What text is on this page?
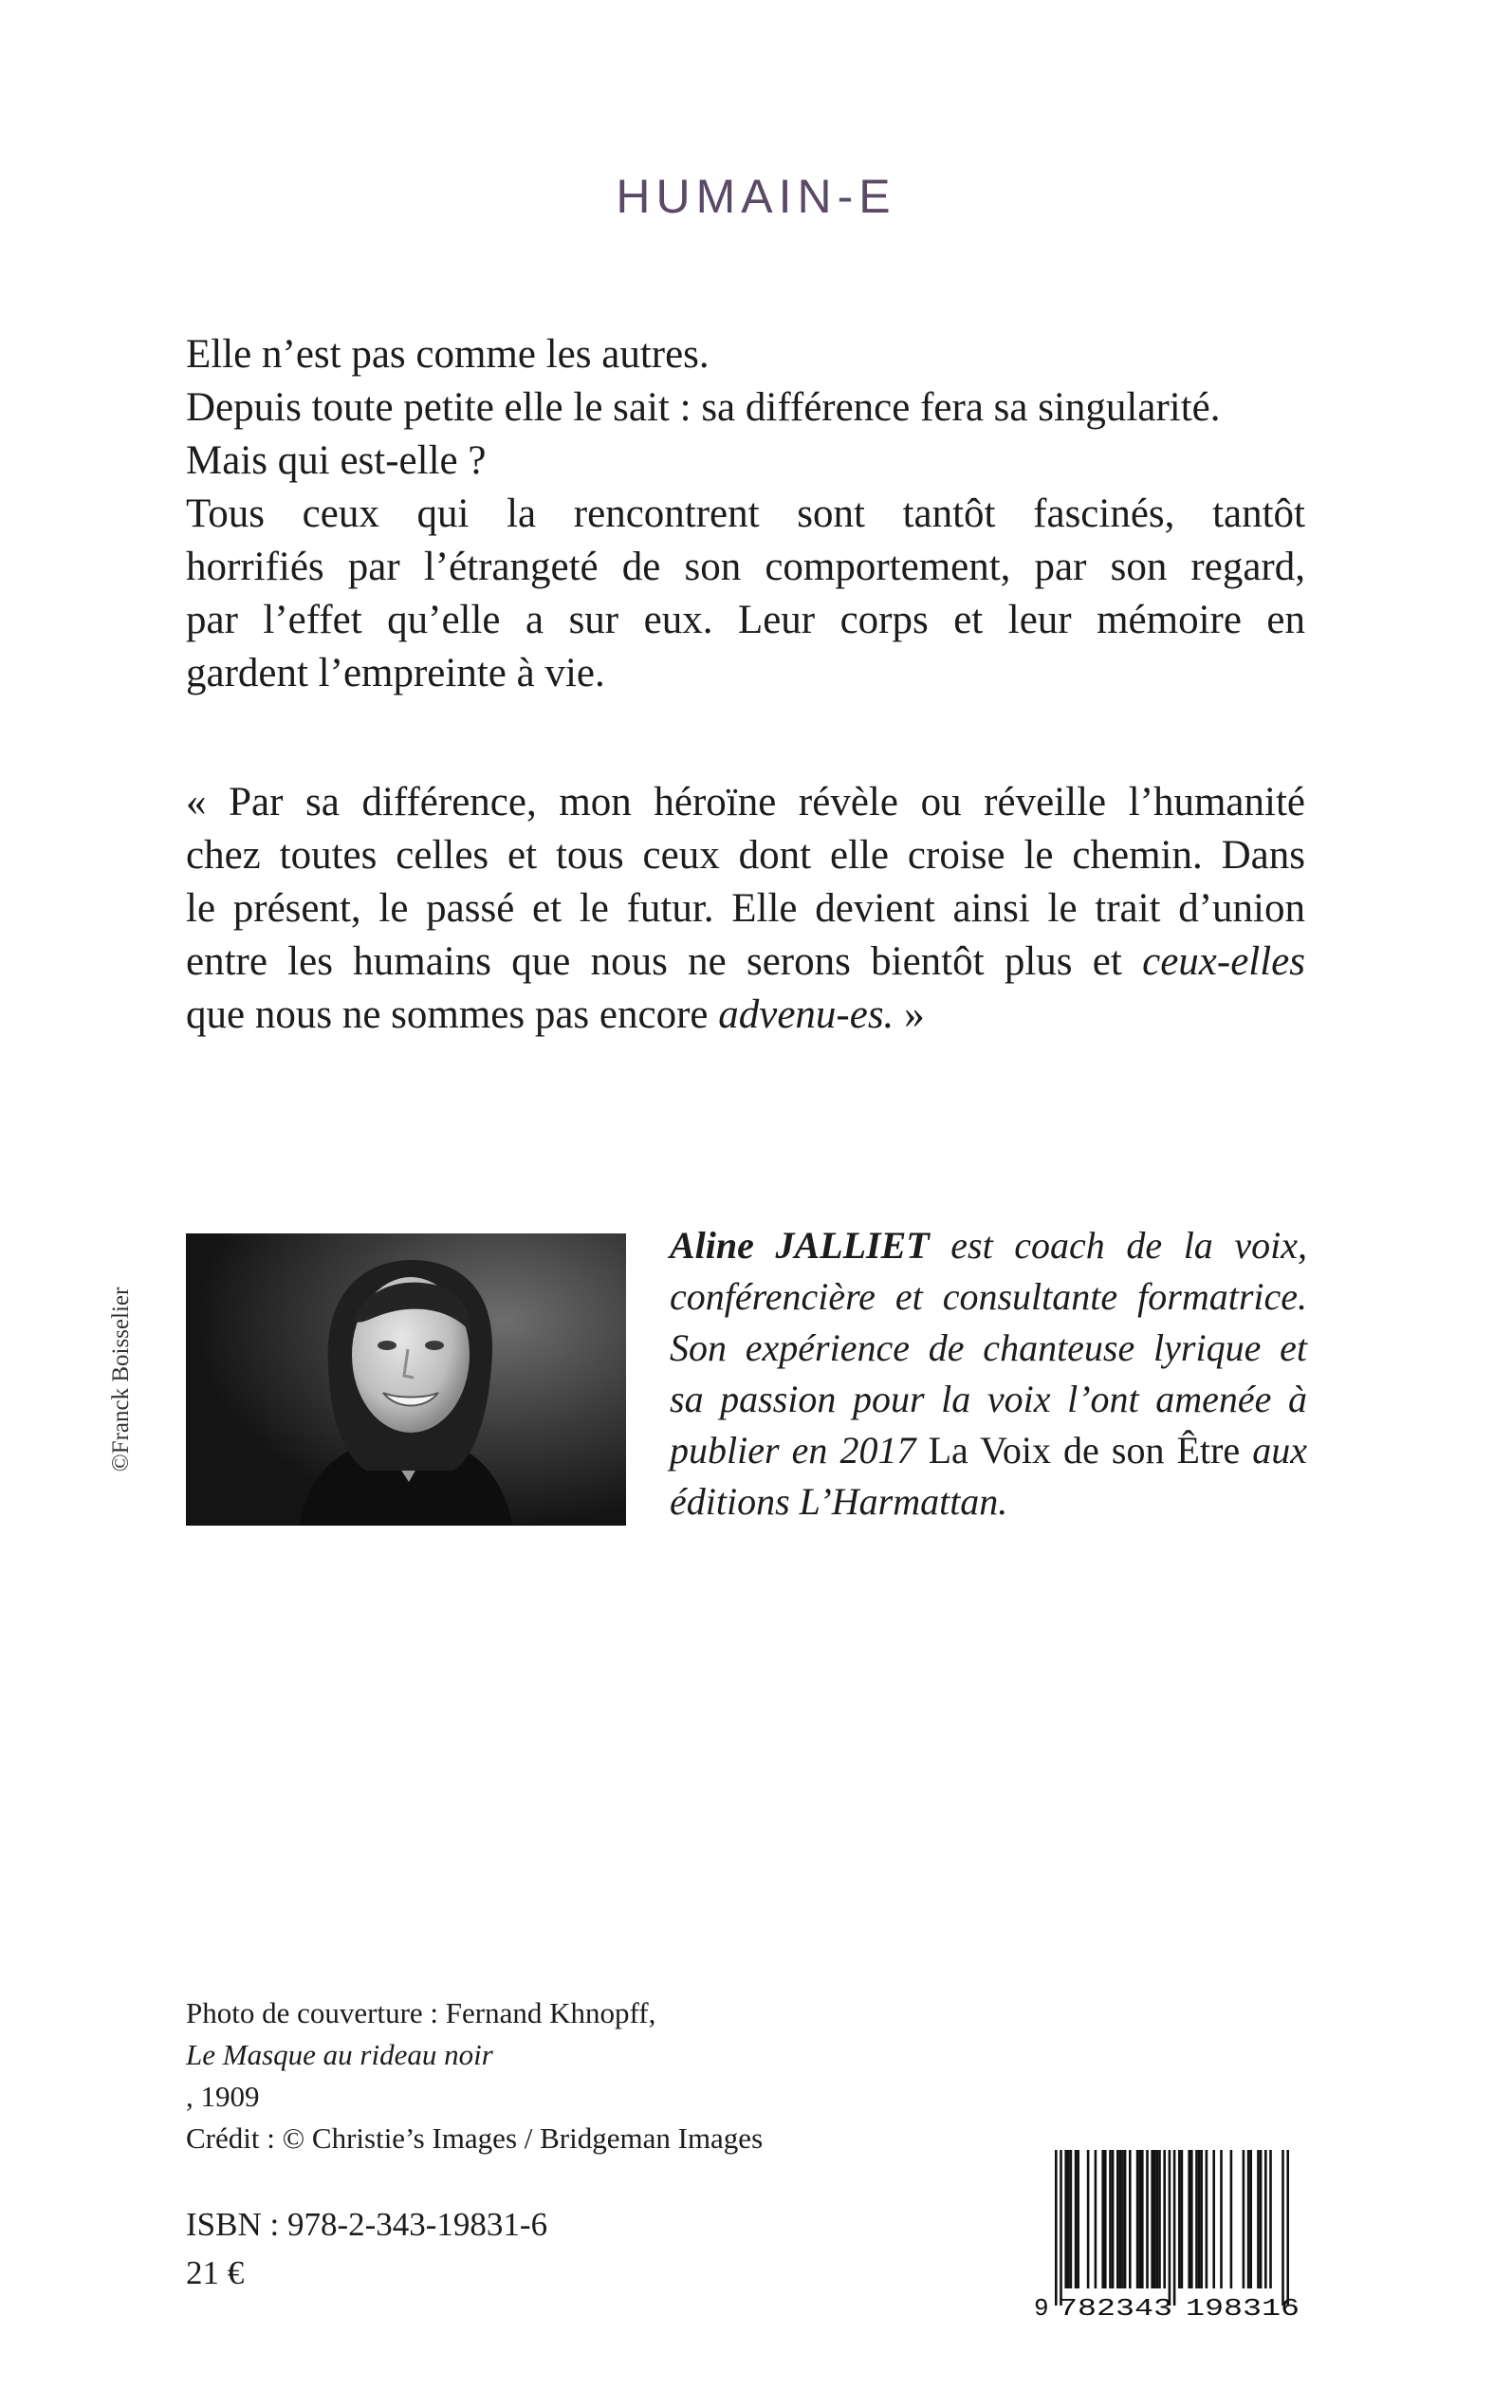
HUMAIN-E

Elle n’est pas comme les autres.
Depuis toute petite elle le sait : sa différence fera sa singularité.
Mais qui est-elle ?
Tous ceux qui la rencontrent sont tantôt fascinés, tantôt
horrifiés par l’étrangeté de son comportement, par son regard,
par l’effet qu’elle a sur eux. Leur corps et leur mémoire en
gardent l’empreinte à vie.

« Par sa différence, mon héroïne révèle ou réveille l’humanité
chez toutes celles et tous ceux dont elle croise le chemin. Dans
le présent, le passé et le futur. Elle devient ainsi le trait d’union
entre les humains que nous ne serons bientôt plus et ceux-elles
que nous ne sommes pas encore advenu-es. »

©Franck Boisselier
Aline JALLIET est coach de la voix,
conférencière et consultante formatrice.
Son expérience de chanteuse lyrique et
sa passion pour la voix l’ont amenée à
publier en 2017 La Voix de son Être aux
éditions L’Harmattan.

Photo de couverture : Fernand Khnopff,
Le Masque au rideau noir
, 1909
Crédit : © Christie’s Images / Bridgeman Images

ISBN : 978-2-343-19831-6

21 €

9 782343 198316
